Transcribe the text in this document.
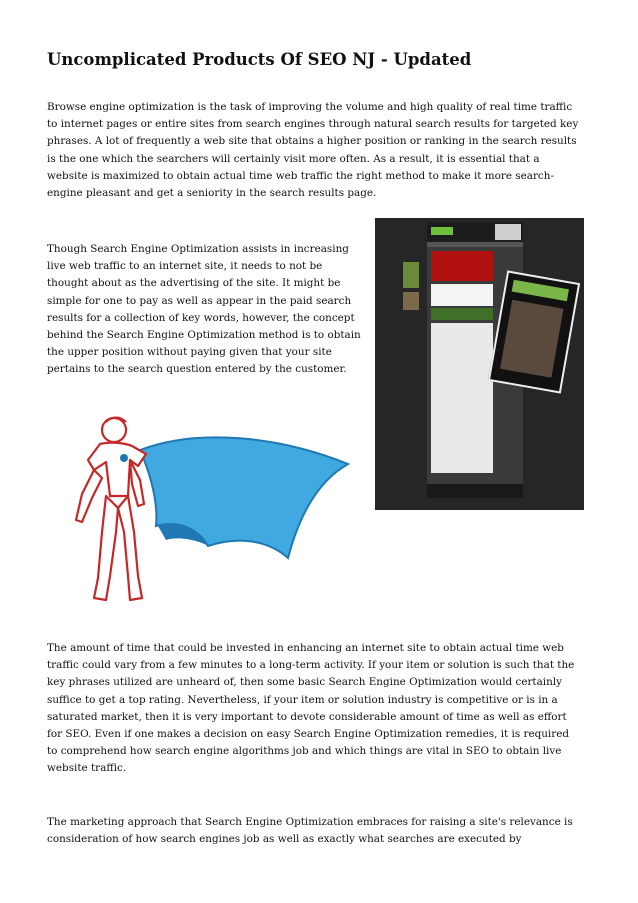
Uncomplicated Products Of SEO NJ - Updated

Browse engine optimization is the task of improving the volume and high quality of real time traffic
to internet pages or entire sites from search engines through natural search results for targeted key
phrases. A lot of frequently a web site that obtains a higher position or ranking in the search results
is the one which the searchers will certainly visit more often. As a result, it is essential that a
website is maximized to obtain actual time web traffic the right method to make it more search-
engine pleasant and get a seniority in the search results page.

Though Search Engine Optimization assists in increasing
live web traffic to an internet site, it needs to not be
thought about as the advertising of the site. It might be
simple for one to pay as well as appear in the paid search
results for a collection of key words, however, the concept
behind the Search Engine Optimization method is to obtain
the upper position without paying given that your site
pertains to the search question entered by the customer.

The amount of time that could be invested in enhancing an internet site to obtain actual time web
traffic could vary from a few minutes to a long-term activity. If your item or solution is such that the
key phrases utilized are unheard of, then some basic Search Engine Optimization would certainly
suffice to get a top rating. Nevertheless, if your item or solution industry is competitive or is in a
saturated market, then it is very important to devote considerable amount of time as well as effort
for SEO. Even if one makes a decision on easy Search Engine Optimization remedies, it is required
to comprehend how search engine algorithms job and which things are vital in SEO to obtain live
website traffic.

The marketing approach that Search Engine Optimization embraces for raising a site's relevance is
consideration of how search engines job as well as exactly what searches are executed by
